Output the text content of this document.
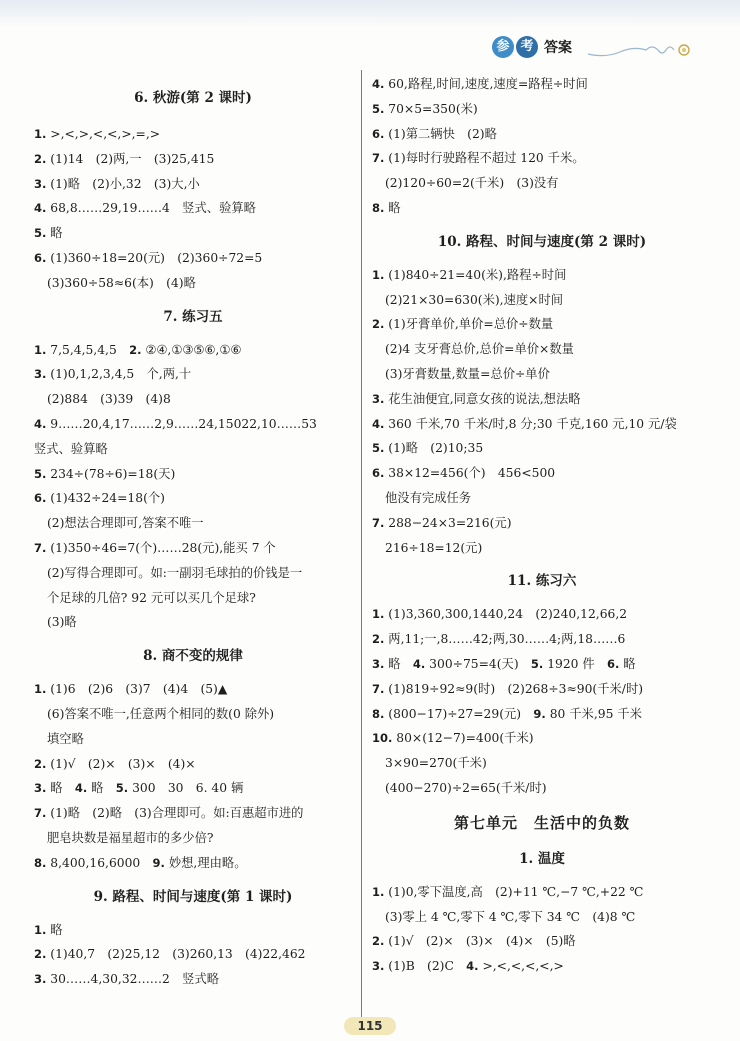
参 考 答案
6. 秋游(第 2 课时)
1. >,<,>,<,<,>,=,>
2. (1)14　(2)两,一　(3)25,415
3. (1)略　(2)小,32　(3)大,小
4. 68,8……29,19……4　竖式、验算略
5. 略
6. (1)360÷18=20(元)　(2)360÷72=5
(3)360÷58≈6(本)　(4)略
7. 练习五
1. 7,5,4,5,4,5　2. ②④,①③⑤⑥,①⑥
3. (1)0,1,2,3,4,5　个,两,十
(2)884　(3)39　(4)8
4. 9……20,4,17……2,9……24,15022,10……53
竖式、验算略
5. 234÷(78÷6)=18(天)
6. (1)432÷24=18(个)
(2)想法合理即可,答案不唯一
7. (1)350÷46=7(个)……28(元),能买 7 个
(2)写得合理即可。如:一副羽毛球拍的价钱是一
个足球的几倍? 92 元可以买几个足球?
(3)略
8. 商不变的规律
1. (1)6　(2)6　(3)7　(4)4　(5)▲
(6)答案不唯一,任意两个相同的数(0 除外)
填空略
2. (1)√　(2)×　(3)×　(4)×
3. 略　4. 略　5. 300　30　6. 40 辆
7. (1)略　(2)略　(3)合理即可。如:百惠超市进的
肥皂块数是福星超市的多少倍?
8. 8,400,16,6000　9. 妙想,理由略。
9. 路程、时间与速度(第 1 课时)
1. 略
2. (1)40,7　(2)25,12　(3)260,13　(4)22,462
3. 30……4,30,32……2　竖式略
4. 60,路程,时间,速度,速度=路程÷时间
5. 70×5=350(米)
6. (1)第二辆快　(2)略
7. (1)每时行驶路程不超过 120 千米。
(2)120÷60=2(千米)　(3)没有
8. 略
10. 路程、时间与速度(第 2 课时)
1. (1)840÷21=40(米),路程÷时间
(2)21×30=630(米),速度×时间
2. (1)牙膏单价,单价=总价÷数量
(2)4 支牙膏总价,总价=单价×数量
(3)牙膏数量,数量=总价÷单价
3. 花生油便宜,同意女孩的说法,想法略
4. 360 千米,70 千米/时,8 分;30 千克,160 元,10 元/袋
5. (1)略　(2)10;35
6. 38×12=456(个)　456<500
他没有完成任务
7. 288−24×3=216(元)
216÷18=12(元)
11. 练习六
1. (1)3,360,300,1440,24　(2)240,12,66,2
2. 两,11;一,8……42;两,30……4;两,18……6
3. 略　4. 300÷75=4(天)　5. 1920 件　6. 略
7. (1)819÷92≈9(时)　(2)268÷3≈90(千米/时)
8. (800−17)÷27=29(元)　9. 80 千米,95 千米
10. 80×(12−7)=400(千米)
3×90=270(千米)
(400−270)÷2=65(千米/时)
第七单元　生活中的负数
1. 温度
1. (1)0,零下温度,高　(2)+11 ℃,−7 ℃,+22 ℃
(3)零上 4 ℃,零下 4 ℃,零下 34 ℃　(4)8 ℃
2. (1)√　(2)×　(3)×　(4)×　(5)略
3. (1)B　(2)C　4. >,<,<,<,<,>
115
